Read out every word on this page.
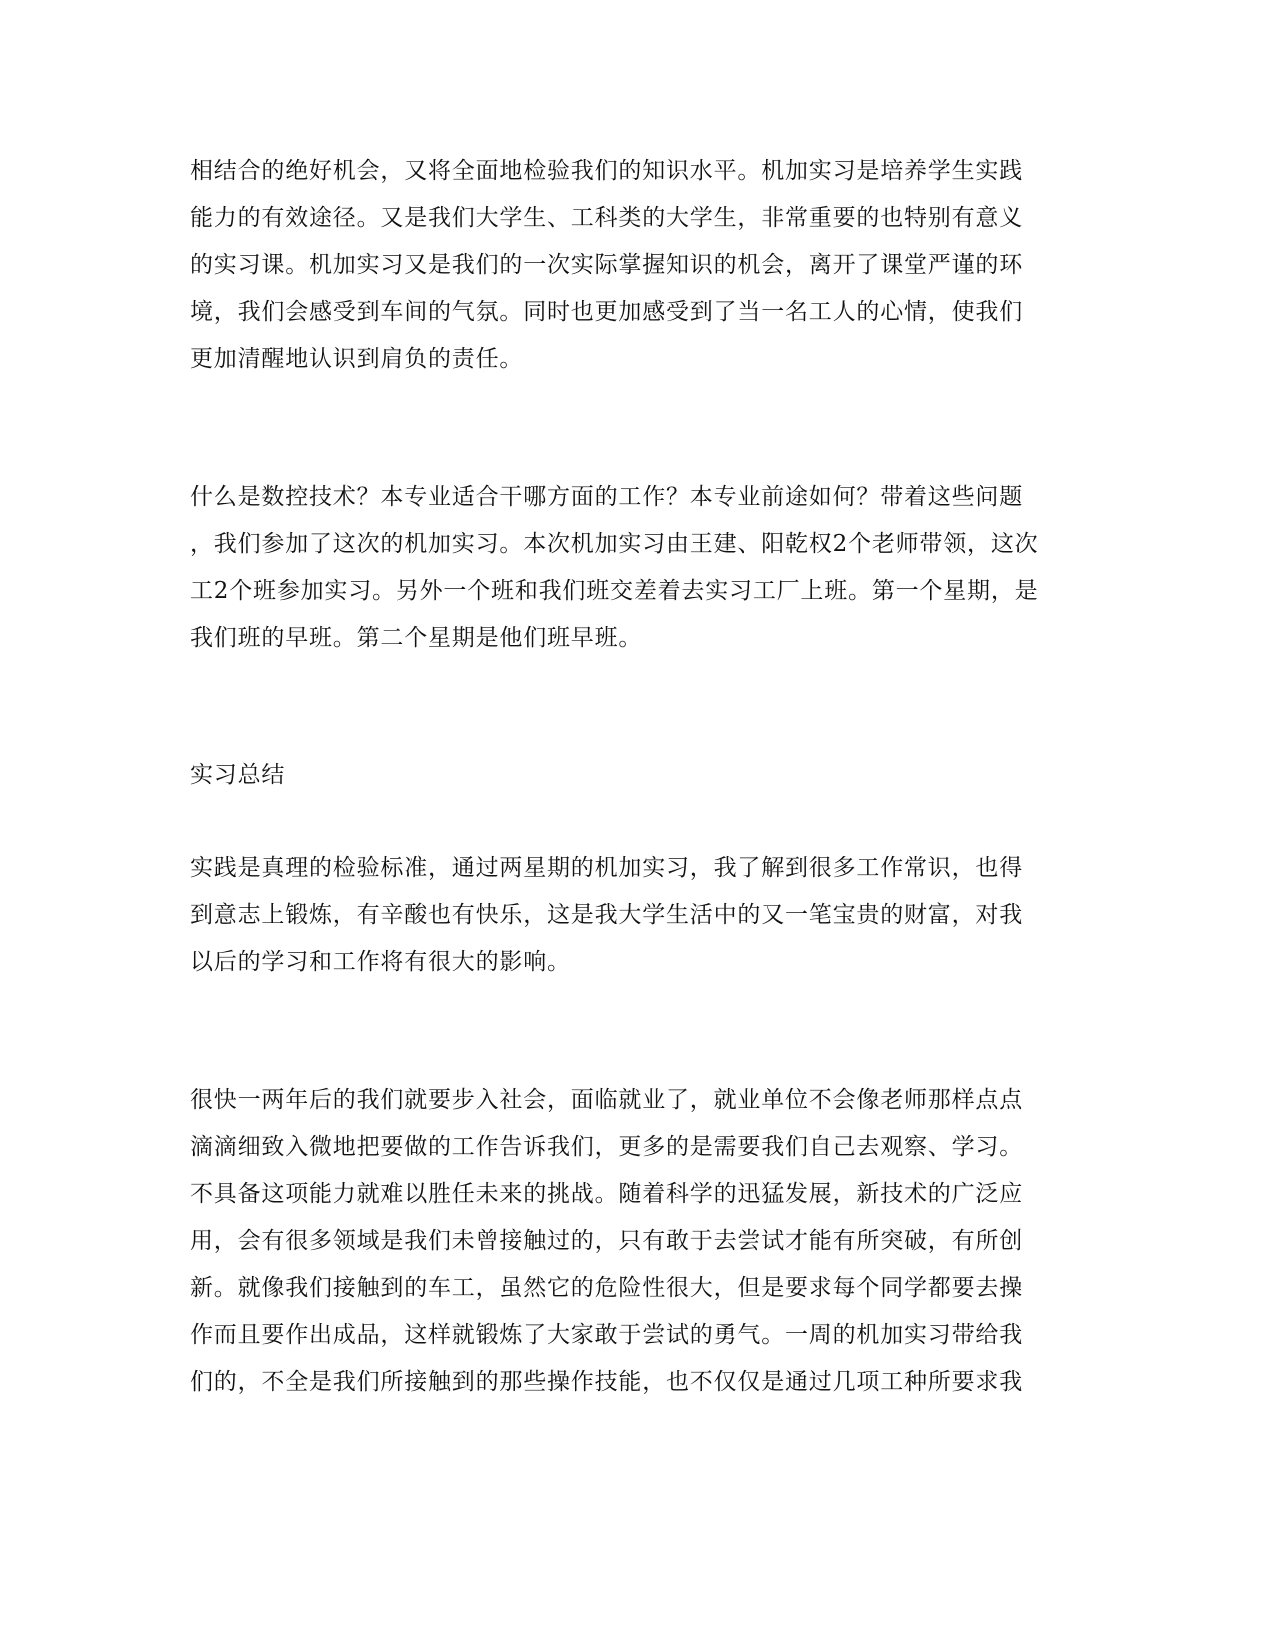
相结合的绝好机会，又将全面地检验我们的知识水平。机加实习是培养学生实践
能力的有效途径。又是我们大学生、工科类的大学生，非常重要的也特别有意义
的实习课。机加实习又是我们的一次实际掌握知识的机会，离开了课堂严谨的环
境，我们会感受到车间的气氛。同时也更加感受到了当一名工人的心情，使我们
更加清醒地认识到肩负的责任。
什么是数控技术？本专业适合干哪方面的工作？本专业前途如何？带着这些问题
，我们参加了这次的机加实习。本次机加实习由王建、阳乾权2个老师带领，这次
工2个班参加实习。另外一个班和我们班交差着去实习工厂上班。第一个星期，是
我们班的早班。第二个星期是他们班早班。
实习总结
实践是真理的检验标准，通过两星期的机加实习，我了解到很多工作常识，也得
到意志上锻炼，有辛酸也有快乐，这是我大学生活中的又一笔宝贵的财富，对我
以后的学习和工作将有很大的影响。
很快一两年后的我们就要步入社会，面临就业了，就业单位不会像老师那样点点
滴滴细致入微地把要做的工作告诉我们，更多的是需要我们自己去观察、学习。
不具备这项能力就难以胜任未来的挑战。随着科学的迅猛发展，新技术的广泛应
用，会有很多领域是我们未曾接触过的，只有敢于去尝试才能有所突破，有所创
新。就像我们接触到的车工，虽然它的危险性很大，但是要求每个同学都要去操
作而且要作出成品，这样就锻炼了大家敢于尝试的勇气。一周的机加实习带给我
们的，不全是我们所接触到的那些操作技能，也不仅仅是通过几项工种所要求我
